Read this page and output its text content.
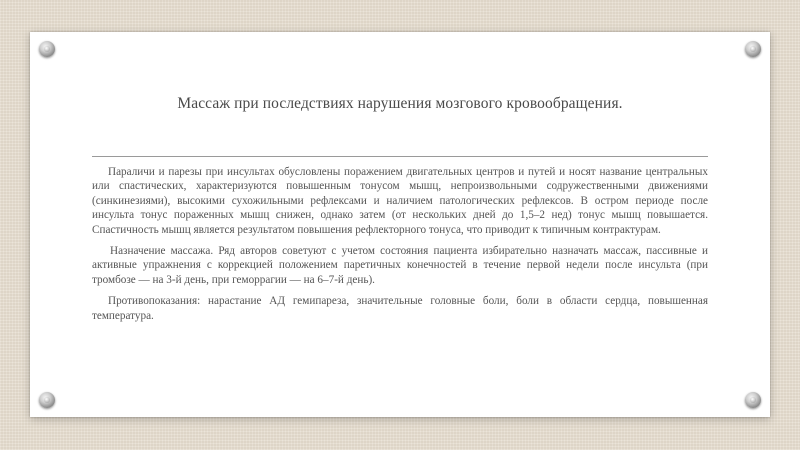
Массаж при последствиях нарушения мозгового кровообращения.

Параличи и парезы при инсультах обусловлены поражением двигательных центров и путей и носят название центральных или спастических, характеризуются повышенным тонусом мышц, непроизвольными содружественными движениями (синкинезиями), высокими сухожильными рефлексами и наличием патологических рефлексов. В остром периоде после инсульта тонус пораженных мышц снижен, однако затем (от нескольких дней до 1,5–2 нед) тонус мышц повышается. Спастичность мышц является результатом повышения рефлекторного тонуса, что приводит к типичным контрактурам.

Назначение массажа. Ряд авторов советуют с учетом состояния пациента избирательно назначать массаж, пассивные и активные упражнения с коррекцией положением паретичных конечностей в течение первой недели после инсульта (при тромбозе — на 3-й день, при геморрагии — на 6–7-й день).

Противопоказания: нарастание АД гемипареза, значительные головные боли, боли в области сердца, повышенная температура.
